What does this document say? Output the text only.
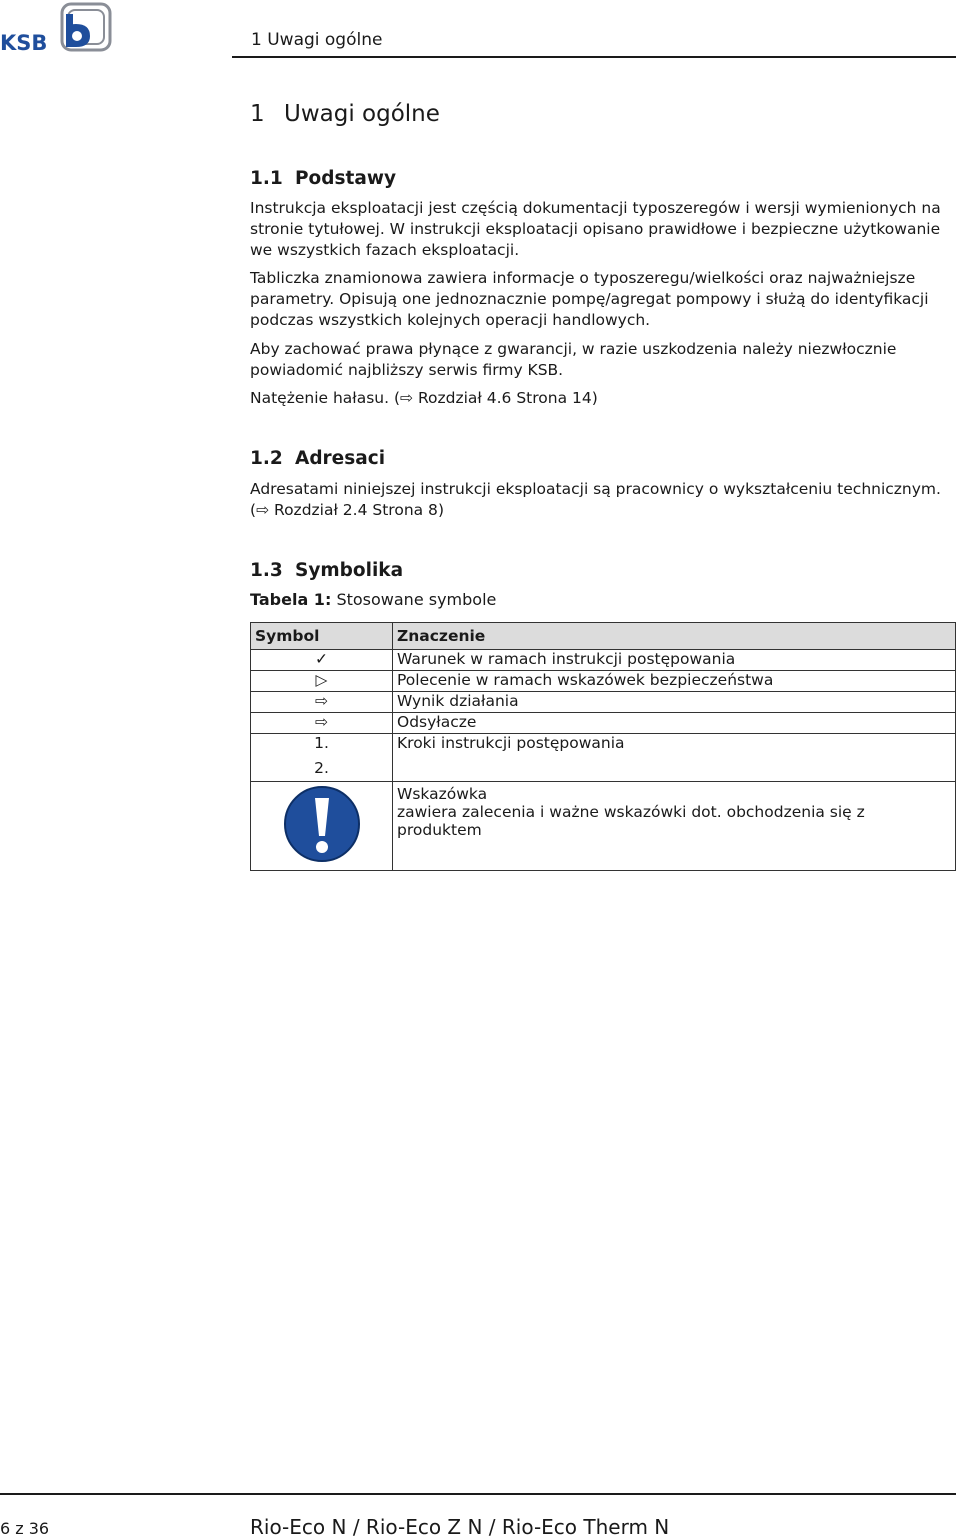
KSB	1 Uwagi ogólne
1 Uwagi ogólne
1.1 Podstawy

Instrukcja eksploatacji jest częścią dokumentacji typoszeregów i wersji wymienionych na stronie tytułowej. W instrukcji eksploatacji opisano prawidłowe i bezpieczne użytkowanie we wszystkich fazach eksploatacji.

Tabliczka znamionowa zawiera informacje o typoszeregu/wielkości oraz najważniejsze parametry. Opisują one jednoznacznie pompę/agregat pompowy i służą do identyfikacji podczas wszystkich kolejnych operacji handlowych.

Aby zachować prawa płynące z gwarancji, w razie uszkodzenia należy niezwłocznie powiadomić najbliższy serwis firmy KSB.

Natężenie hałasu. (⇨ Rozdział 4.6 Strona 14)

1.2 Adresaci

Adresatami niniejszej instrukcji eksploatacji są pracownicy o wykształceniu technicznym. (⇨ Rozdział 2.4 Strona 8)

1.3 Symbolika
Tabela 1: Stosowane symbole
Symbol	Znaczenie
✓	Warunek w ramach instrukcji postępowania
▷	Polecenie w ramach wskazówek bezpieczeństwa
⇨	Wynik działania
⇨	Odsyłacze

1.
2.	Kroki instrukcji postępowania

Wskazówka
zawiera zalecenia i ważne wskazówki dot. obchodzenia się z produktem
6 z 36	Rio-Eco N / Rio-Eco Z N / Rio-Eco Therm N
